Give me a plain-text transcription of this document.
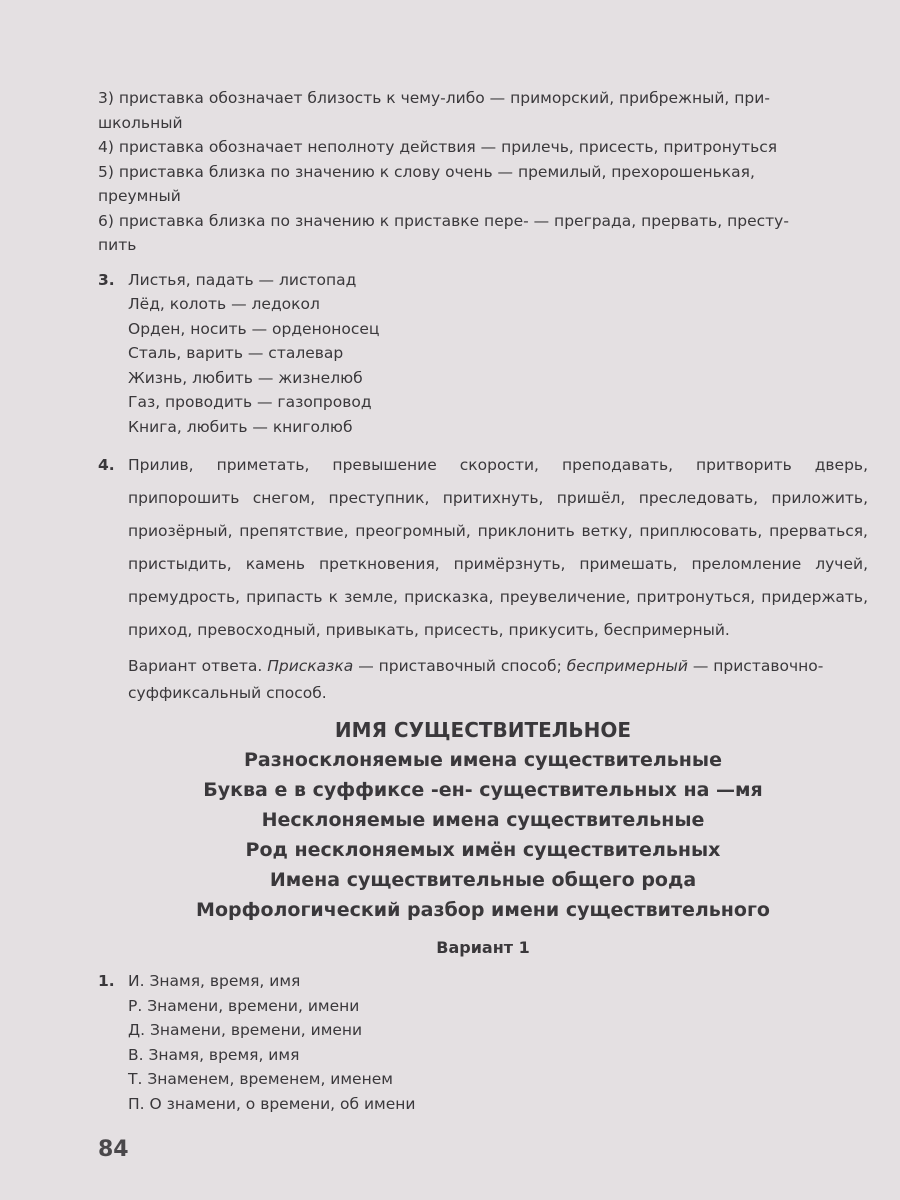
3) приставка обозначает близость к чему-либо — приморский, прибрежный, при-
школьный
4) приставка обозначает неполноту действия — прилечь, присесть, притронуться
5) приставка близка по значению к слову очень — премилый, прехорошенькая,
преумный
6) приставка близка по значению к приставке пере- — преграда, прервать, престу-
пить
3. Листья, падать — листопад
Лёд, колоть — ледокол
Орден, носить — орденоносец
Сталь, варить — сталевар
Жизнь, любить — жизнелюб
Газ, проводить — газопровод
Книга, любить — книголюб
4. Прилив, приметать, превышение скорости, преподавать, притворить дверь, припорошить снегом, преступник, притихнуть, пришёл, преследовать, приложить, приозёрный, препятствие, преогромный, приклонить ветку, приплюсовать, прерваться, пристыдить, камень преткновения, примёрзнуть, примешать, преломление лучей, премудрость, припасть к земле, присказка, преувеличение, притронуться, придержать, приход, превосходный, привыкать, присесть, прикусить, беспримерный.
Вариант ответа. Присказка — приставочный способ; беспримерный — приставочно-суффиксальный способ.
ИМЯ СУЩЕСТВИТЕЛЬНОЕ
Разносклоняемые имена существительные
Буква е в суффиксе -ен- существительных на —мя
Несклоняемые имена существительные
Род несклоняемых имён существительных
Имена существительные общего рода
Морфологический разбор имени существительного
Вариант 1
1. И. Знамя, время, имя
Р. Знамени, времени, имени
Д. Знамени, времени, имени
В. Знамя, время, имя
Т. Знаменем, временем, именем
П. О знамени, о времени, об имени
84
